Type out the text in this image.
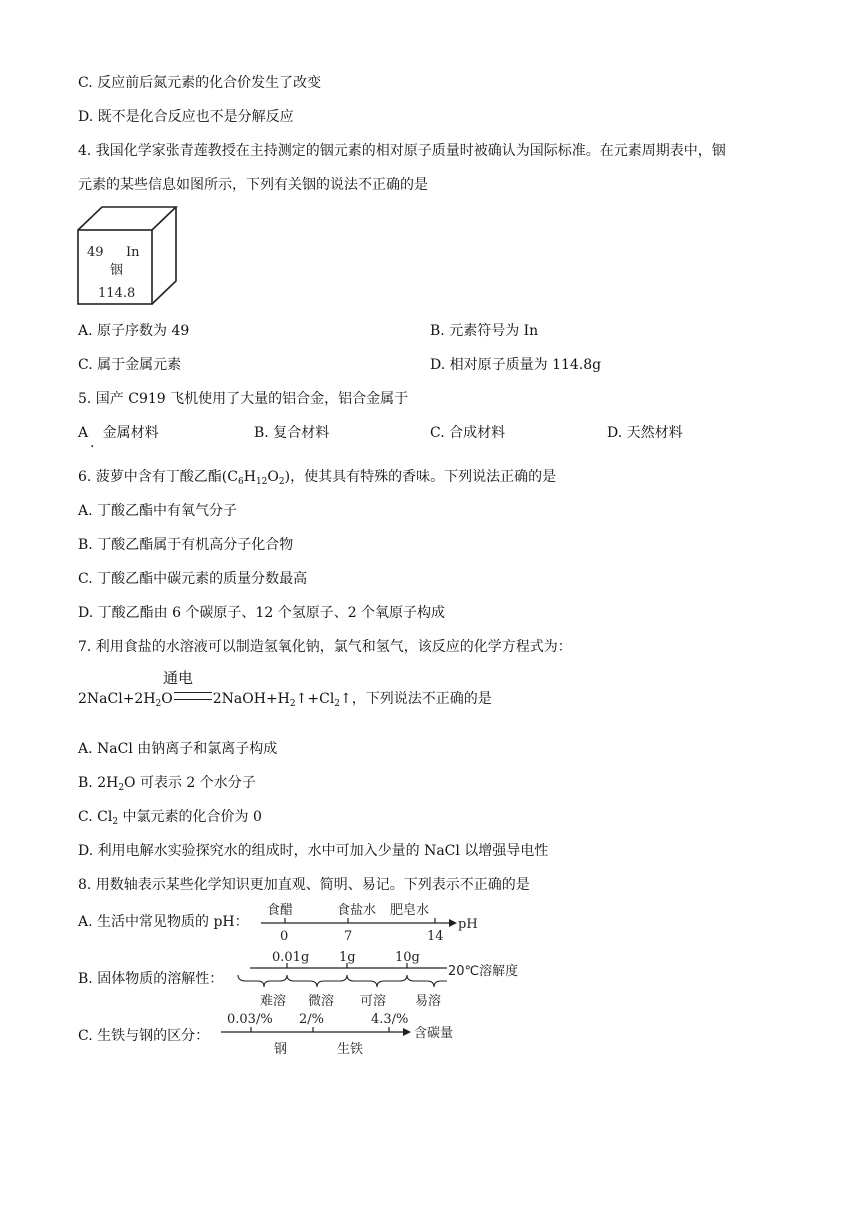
C. 反应前后氮元素的化合价发生了改变
D. 既不是化合反应也不是分解反应
4. 我国化学家张青莲教授在主持测定的铟元素的相对原子质量时被确认为国际标准。在元素周期表中，铟
元素的某些信息如图所示，下列有关铟的说法不正确的是
49 In
铟
114.8
A. 原子序数为 49	B. 元素符号为 In
C. 属于金属元素	D. 相对原子质量为 114.8g
5. 国产 C919 飞机使用了大量的铝合金，铝合金属于
A
.
金属材料	B. 复合材料	C. 合成材料	D. 天然材料
6. 菠萝中含有丁酸乙酯$(C_6H_{12}O_2)$，使其具有特殊的香味。下列说法正确的是
A. 丁酸乙酯中有氧气分子
B. 丁酸乙酯属于有机高分子化合物
C. 丁酸乙酯中碳元素的质量分数最高
D. 丁酸乙酯由 6 个碳原子、12 个氢原子、2 个氧原子构成
7. 利用食盐的水溶液可以制造氢氧化钠，氯气和氢气，该反应的化学方程式为：
通电
$2NaCl+2H_2O$	$2NaOH+H_2↑+Cl_2↑$，下列说法不正确的是
A. NaCl 由钠离子和氯离子构成
B. $2H_2O$ 可表示 2 个水分子
C. $Cl_2$ 中氯元素的化合价为 0
D. 利用电解水实验探究水的组成时，水中可加入少量的 NaCl 以增强导电性
8. 用数轴表示某些化学知识更加直观、简明、易记。下列表示不正确的是
A. 生活中常见物质的 pH：
食醋	食盐水 肥皂水
0	7	14
pH
B. 固体物质的溶解性：
0.01g 1g	10g
20℃溶解度
难溶 微溶 可溶 易溶
C. 生铁与钢的区分：
0.03/% 2/%	4.3/%
含碳量
钢	生铁
